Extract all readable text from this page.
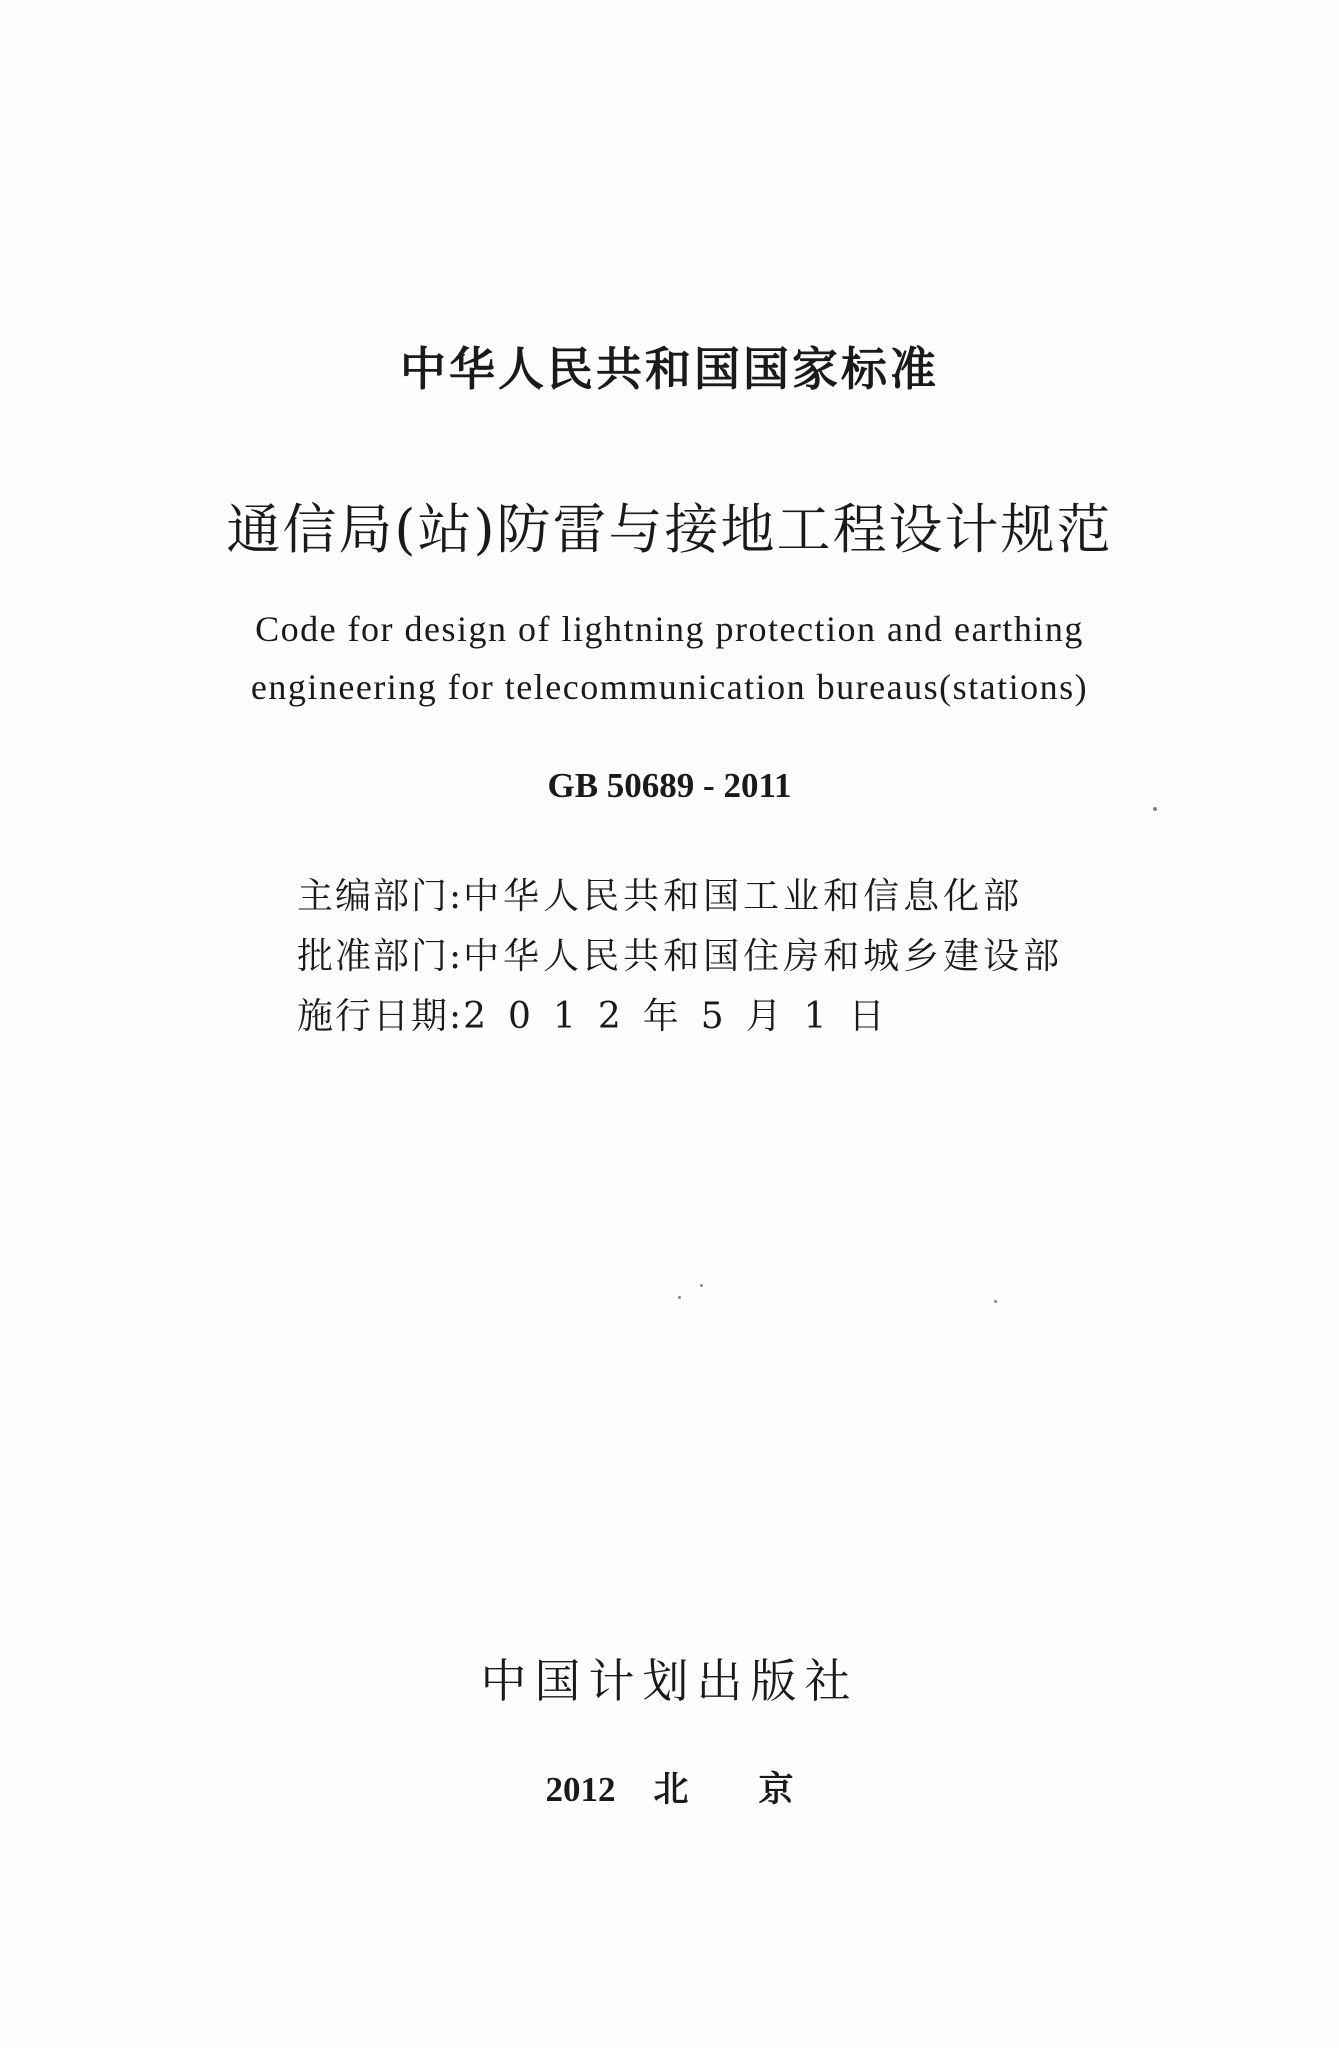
中华人民共和国国家标准
通信局(站)防雷与接地工程设计规范
Code for design of lightning protection and earthing
engineering for telecommunication bureaus(stations)
GB 50689 - 2011
主编部门:中华人民共和国工业和信息化部
批准部门:中华人民共和国住房和城乡建设部
施行日期:2012年5月1日
中国计划出版社
2012 北 京
